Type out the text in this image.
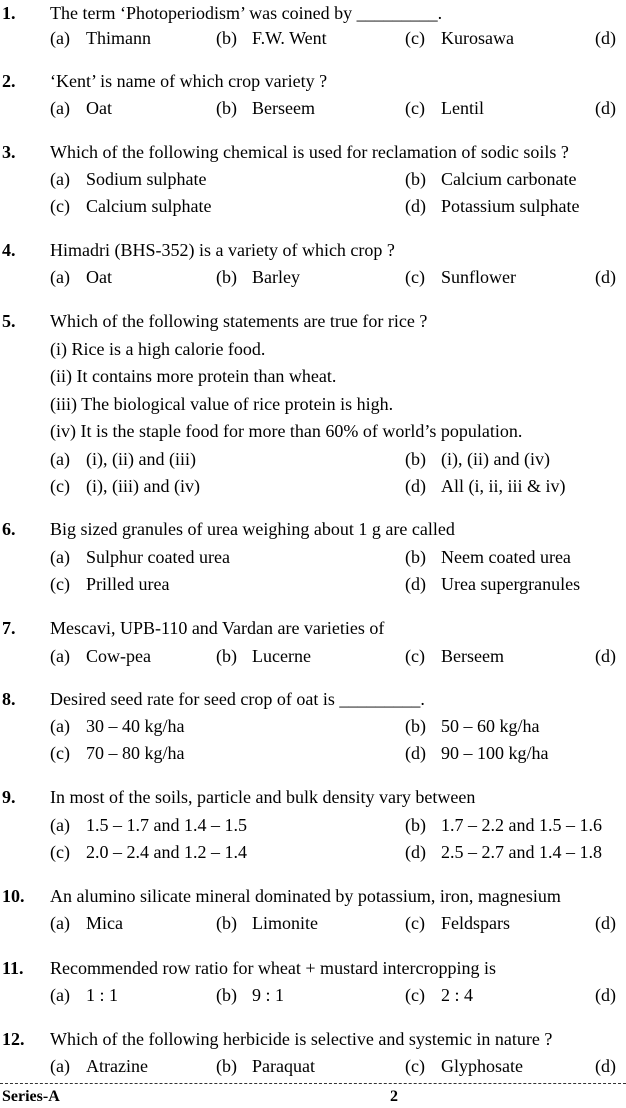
1. The term ‘Photoperiodism’ was coined by _________.
(a) Thimann	(b) F.W. Went	(c) Kurosawa	(d)
2. ‘Kent’ is name of which crop variety ?
(a) Oat	(b) Berseem	(c) Lentil	(d)
3. Which of the following chemical is used for reclamation of sodic soils ?
(a) Sodium sulphate	(b) Calcium carbonate
(c) Calcium sulphate	(d) Potassium sulphate
4. Himadri (BHS-352) is a variety of which crop ?
(a) Oat	(b) Barley	(c) Sunflower	(d)
5. Which of the following statements are true for rice ?
(i) Rice is a high calorie food.
(ii) It contains more protein than wheat.
(iii) The biological value of rice protein is high.
(iv) It is the staple food for more than 60% of world’s population.
(a) (i), (ii) and (iii)	(b) (i), (ii) and (iv)
(c) (i), (iii) and (iv)	(d) All (i, ii, iii & iv)
6. Big sized granules of urea weighing about 1 g are called
(a) Sulphur coated urea	(b) Neem coated urea
(c) Prilled urea	(d) Urea supergranules
7. Mescavi, UPB-110 and Vardan are varieties of
(a) Cow-pea	(b) Lucerne	(c) Berseem	(d)
8. Desired seed rate for seed crop of oat is _________.
(a) 30 – 40 kg/ha	(b) 50 – 60 kg/ha
(c) 70 – 80 kg/ha	(d) 90 – 100 kg/ha
9. In most of the soils, particle and bulk density vary between
(a) 1.5 – 1.7 and 1.4 – 1.5	(b) 1.7 – 2.2 and 1.5 – 1.6
(c) 2.0 – 2.4 and 1.2 – 1.4	(d) 2.5 – 2.7 and 1.4 – 1.8
10. An alumino silicate mineral dominated by potassium, iron, magnesium
(a) Mica	(b) Limonite	(c) Feldspars	(d)
11. Recommended row ratio for wheat + mustard intercropping is
(a) 1 : 1	(b) 9 : 1	(c) 2 : 4	(d)
12. Which of the following herbicide is selective and systemic in nature ?
(a) Atrazine	(b) Paraquat	(c) Glyphosate	(d)
Series-A	2
